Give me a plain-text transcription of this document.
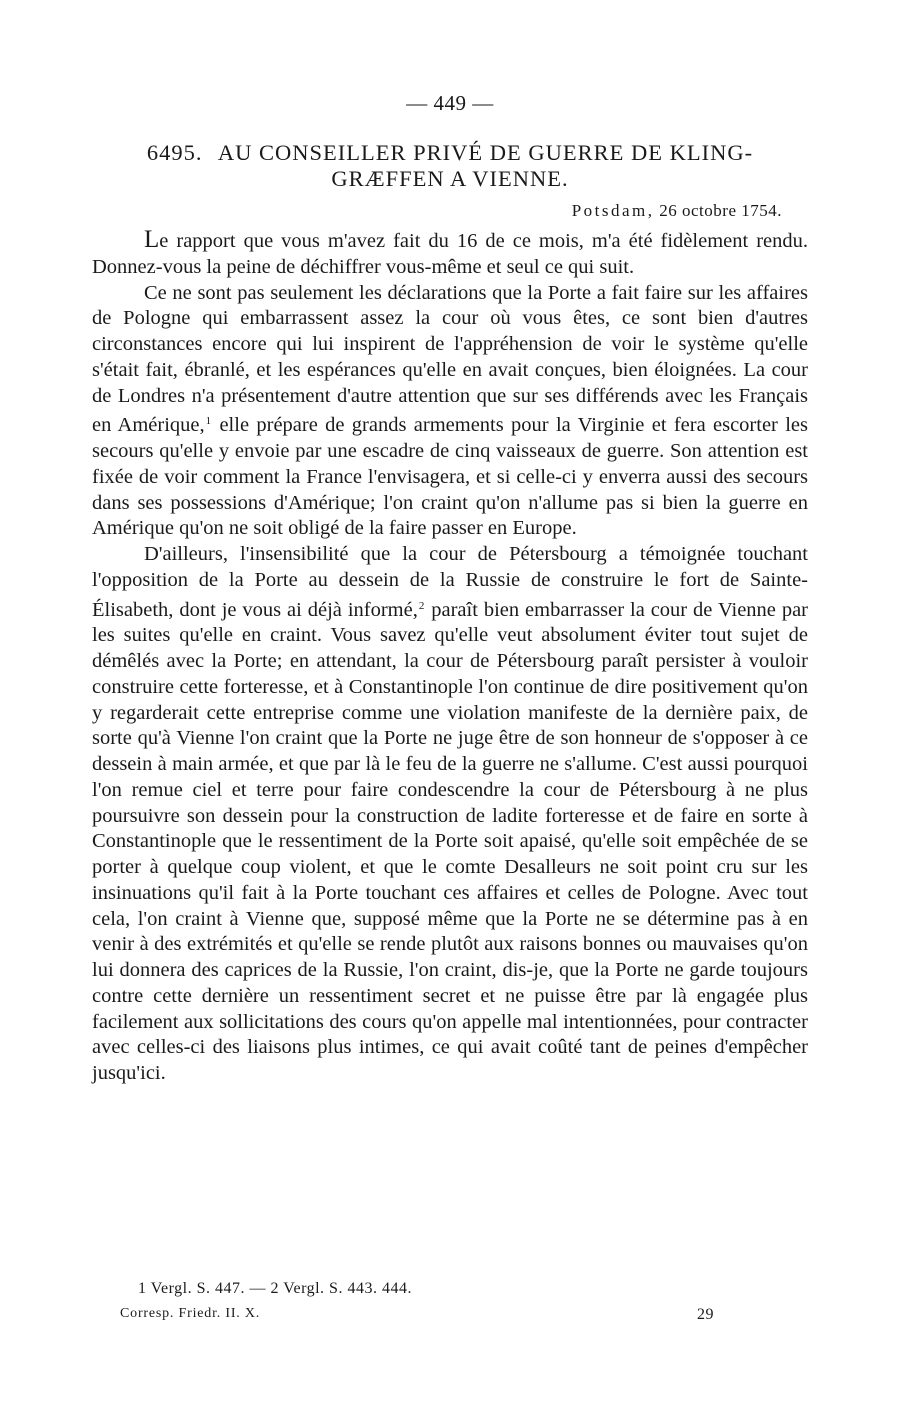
— 449 —
6495. AU CONSEILLER PRIVÉ DE GUERRE DE KLING-GRÆFFEN A VIENNE.
Potsdam, 26 octobre 1754.

Le rapport que vous m'avez fait du 16 de ce mois, m'a été fidèlement rendu. Donnez-vous la peine de déchiffrer vous-même et seul ce qui suit.

Ce ne sont pas seulement les déclarations que la Porte a fait faire sur les affaires de Pologne qui embarrassent assez la cour où vous êtes, ce sont bien d'autres circonstances encore qui lui inspirent de l'appréhension de voir le système qu'elle s'était fait, ébranlé, et les espérances qu'elle en avait conçues, bien éloignées. La cour de Londres n'a présentement d'autre attention que sur ses différends avec les Français en Amérique,$^1$ elle prépare de grands armements pour la Virginie et fera escorter les secours qu'elle y envoie par une escadre de cinq vaisseaux de guerre. Son attention est fixée de voir comment la France l'envisagera, et si celle-ci y enverra aussi des secours dans ses possessions d'Amérique; l'on craint qu'on n'allume pas si bien la guerre en Amérique qu'on ne soit obligé de la faire passer en Europe.

D'ailleurs, l'insensibilité que la cour de Pétersbourg a témoignée touchant l'opposition de la Porte au dessein de la Russie de construire le fort de Sainte-Élisabeth, dont je vous ai déjà informé,$^2$ paraît bien embarrasser la cour de Vienne par les suites qu'elle en craint. Vous savez qu'elle veut absolument éviter tout sujet de démêlés avec la Porte; en attendant, la cour de Pétersbourg paraît persister à vouloir construire cette forteresse, et à Constantinople l'on continue de dire positivement qu'on y regarderait cette entreprise comme une violation manifeste de la dernière paix, de sorte qu'à Vienne l'on craint que la Porte ne juge être de son honneur de s'opposer à ce dessein à main armée, et que par là le feu de la guerre ne s'allume. C'est aussi pourquoi l'on remue ciel et terre pour faire condescendre la cour de Pétersbourg à ne plus poursuivre son dessein pour la construction de ladite forteresse et de faire en sorte à Constantinople que le ressentiment de la Porte soit apaisé, qu'elle soit empêchée de se porter à quelque coup violent, et que le comte Desalleurs ne soit point cru sur les insinuations qu'il fait à la Porte touchant ces affaires et celles de Pologne. Avec tout cela, l'on craint à Vienne que, supposé même que la Porte ne se détermine pas à en venir à des extrémités et qu'elle se rende plutôt aux raisons bonnes ou mauvaises qu'on lui donnera des caprices de la Russie, l'on craint, dis-je, que la Porte ne garde toujours contre cette dernière un ressentiment secret et ne puisse être par là engagée plus facilement aux sollicitations des cours qu'on appelle mal intentionnées, pour contracter avec celles-ci des liaisons plus intimes, ce qui avait coûté tant de peines d'empêcher jusqu'ici.

1 Vergl. S. 447. — 2 Vergl. S. 443. 444.
Corresp. Friedr. II. X.	29
